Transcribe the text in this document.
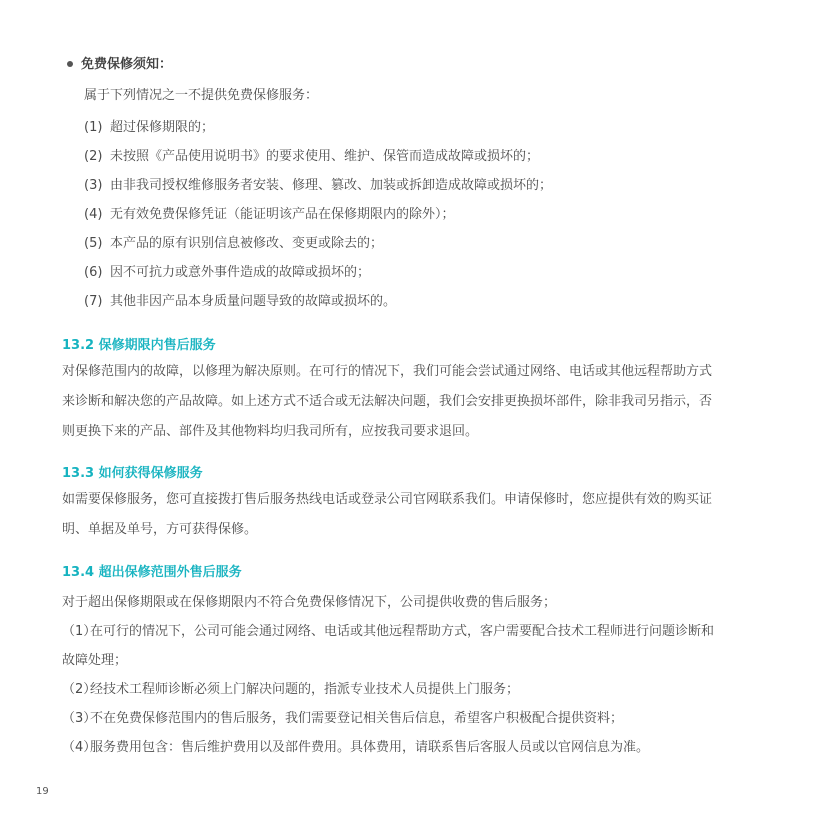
免费保修须知：
属于下列情况之一不提供免费保修服务：
(1) 超过保修期限的；
(2) 未按照《产品使用说明书》的要求使用、维护、保管而造成故障或损坏的；
(3) 由非我司授权维修服务者安装、修理、篡改、加装或拆卸造成故障或损坏的；
(4) 无有效免费保修凭证（能证明该产品在保修期限内的除外）；
(5) 本产品的原有识别信息被修改、变更或除去的；
(6) 因不可抗力或意外事件造成的故障或损坏的；
(7) 其他非因产品本身质量问题导致的故障或损坏的。
13.2 保修期限内售后服务
对保修范围内的故障，以修理为解决原则。在可行的情况下，我们可能会尝试通过网络、电话或其他远程帮助方式
来诊断和解决您的产品故障。如上述方式不适合或无法解决问题，我们会安排更换损坏部件，除非我司另指示，否
则更换下来的产品、部件及其他物料均归我司所有，应按我司要求退回。
13.3 如何获得保修服务
如需要保修服务，您可直接拨打售后服务热线电话或登录公司官网联系我们。申请保修时，您应提供有效的购买证
明、单据及单号，方可获得保修。
13.4 超出保修范围外售后服务
对于超出保修期限或在保修期限内不符合免费保修情况下，公司提供收费的售后服务；
（1）在可行的情况下，公司可能会通过网络、电话或其他远程帮助方式，客户需要配合技术工程师进行问题诊断和
故障处理；
（2）经技术工程师诊断必须上门解决问题的，指派专业技术人员提供上门服务；
（3）不在免费保修范围内的售后服务，我们需要登记相关售后信息，希望客户积极配合提供资料；
（4）服务费用包含：售后维护费用以及部件费用。具体费用，请联系售后客服人员或以官网信息为准。
19
